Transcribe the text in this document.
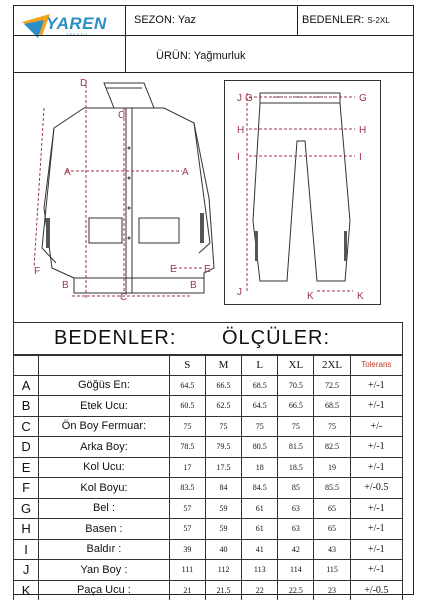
YAREN
TEKSTIL
SEZON: Yaz	BEDENLER: S-2XL
ÜRÜN: Yağmurluk
D
C
A	A
F	E	E
B	B
C
J G	G
H	H
I	I
J	K	K
BEDENLER: ÖLÇÜLER:
		S	M	L	XL	2XL	Tolerans
A	Göğüs En:	64.5	66.5	68.5	70.5	72.5	+/-1
B	Etek Ucu:	60.5	62.5	64.5	66.5	68.5	+/-1
C	Ön Boy Fermuar:	75	75	75	75	75	+/-
D	Arka Boy:	78.5	79.5	80.5	81.5	82.5	+/-1
E	Kol Ucu:	17	17.5	18	18.5	19	+/-1
F	Kol Boyu:	83.5	84	84.5	85	85.5	+/-0.5
G	Bel :	57	59	61	63	65	+/-1
H	Basen :	57	59	61	63	65	+/-1
I	Baldır :	39	40	41	42	43	+/-1
J	Yan Boy :	111	112	113	114	115	+/-1
K	Paça Ucu :	21	21.5	22	22.5	23	+/-0.5
